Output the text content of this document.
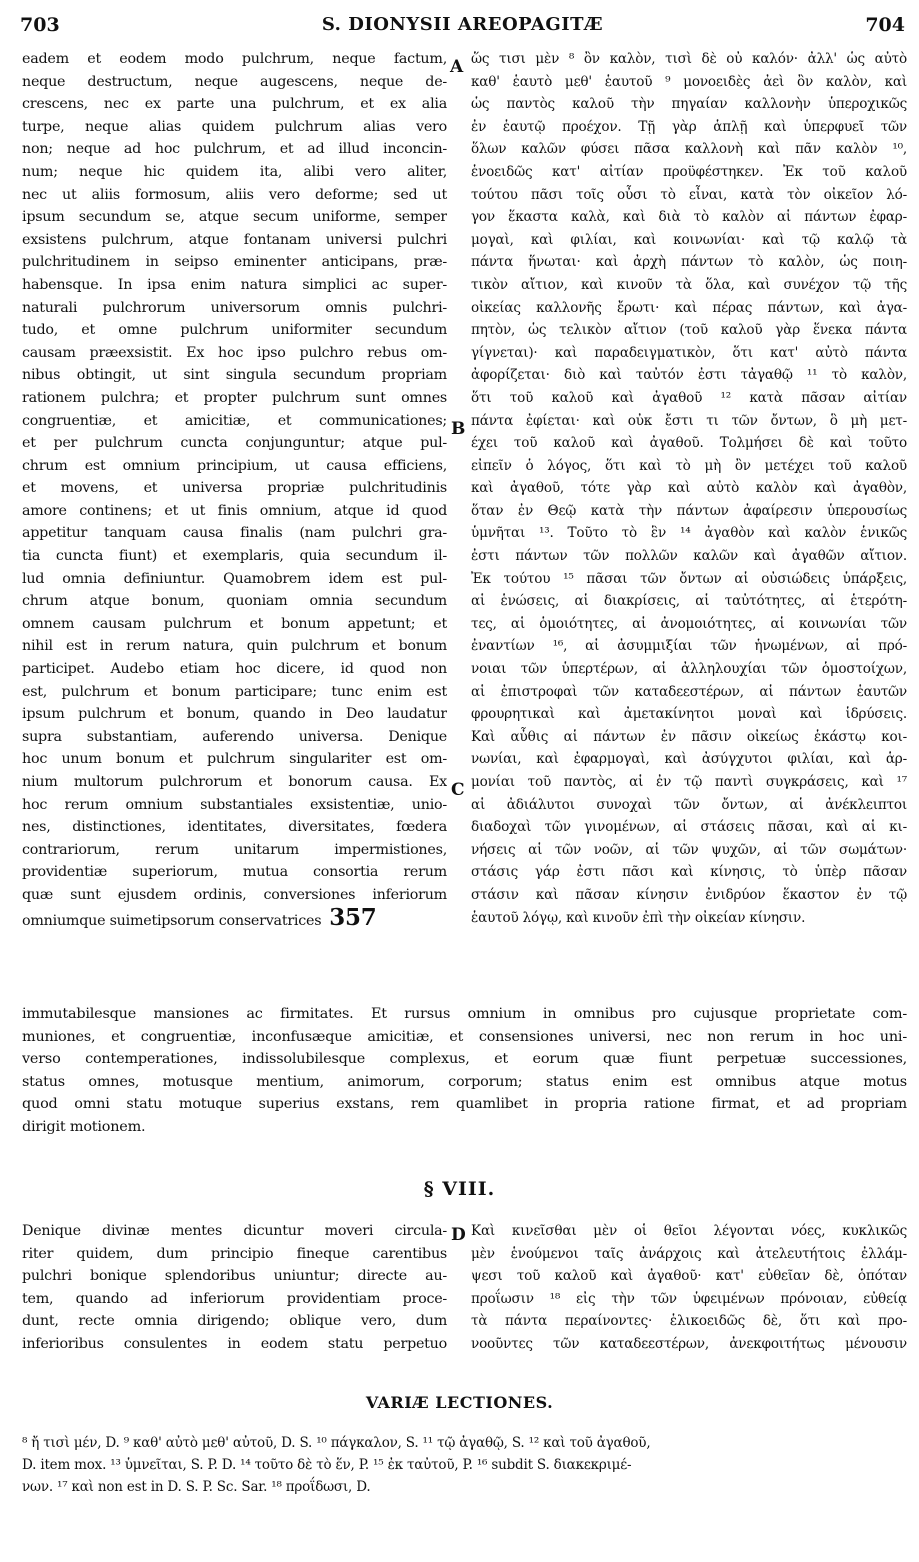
703	S. DIONYSII AREOPAGITÆ	704
eadem et eodem modo pulchrum, neque factum,
neque destructum, neque augescens, neque de-
crescens, nec ex parte una pulchrum, et ex alia
turpe, neque alias quidem pulchrum alias vero
non; neque ad hoc pulchrum, et ad illud inconcin-
num; neque hic quidem ita, alibi vero aliter,
nec ut aliis formosum, aliis vero deforme; sed ut
ipsum secundum se, atque secum uniforme, semper
exsistens pulchrum, atque fontanam universi pulchri
pulchritudinem in seipso eminenter anticipans, præ-
habensque. In ipsa enim natura simplici ac super-
naturali pulchrorum universorum omnis pulchri-
tudo, et omne pulchrum uniformiter secundum
causam præexsistit. Ex hoc ipso pulchro rebus om-
nibus obtingit, ut sint singula secundum propriam
rationem pulchra; et propter pulchrum sunt omnes
congruentiæ, et amicitiæ, et communicationes;
et per pulchrum cuncta conjunguntur; atque pul-
chrum est omnium principium, ut causa efficiens,
et movens, et universa propriæ pulchritudinis
amore continens; et ut finis omnium, atque id quod
appetitur tanquam causa finalis (nam pulchri gra-
tia cuncta fiunt) et exemplaris, quia secundum il-
lud omnia definiuntur. Quamobrem idem est pul-
chrum atque bonum, quoniam omnia secundum
omnem causam pulchrum et bonum appetunt; et
nihil est in rerum natura, quin pulchrum et bonum
participet. Audebo etiam hoc dicere, id quod non
est, pulchrum et bonum participare; tunc enim est
ipsum pulchrum et bonum, quando in Deo laudatur
supra substantiam, auferendo universa. Denique
hoc unum bonum et pulchrum singulariter est om-
nium multorum pulchrorum et bonorum causa. Ex
hoc rerum omnium substantiales exsistentiæ, unio-
nes, distinctiones, identitates, diversitates, fœdera
contrariorum, rerum unitarum impermistiones,
providentiæ superiorum, mutua consortia rerum
quæ sunt ejusdem ordinis, conversiones inferiorum
omniumque suimetipsorum conservatrices 357
ὥς τισι μὲν ⁸ ὂν καλὸν, τισὶ δὲ οὐ καλόν· ἀλλ' ὡς αὐτὸ
καθ' ἑαυτὸ μεθ' ἑαυτοῦ ⁹ μονοειδὲς ἀεὶ ὂν καλὸν, καὶ
ὡς παντὸς καλοῦ τὴν πηγαίαν καλλονὴν ὑπεροχικῶς
ἐν ἑαυτῷ προέχον. Τῇ γὰρ ἁπλῇ καὶ ὑπερφυεῖ τῶν
ὅλων καλῶν φύσει πᾶσα καλλονὴ καὶ πᾶν καλὸν ¹⁰,
ἑνοειδῶς κατ' αἰτίαν προϋφέστηκεν. Ἐκ τοῦ καλοῦ
τούτου πᾶσι τοῖς οὖσι τὸ εἶναι, κατὰ τὸν οἰκεῖον λό-
γον ἕκαστα καλὰ, καὶ διὰ τὸ καλὸν αἱ πάντων ἐφαρ-
μογαὶ, καὶ φιλίαι, καὶ κοινωνίαι· καὶ τῷ καλῷ τὰ
πάντα ἥνωται· καὶ ἀρχὴ πάντων τὸ καλὸν, ὡς ποιη-
τικὸν αἴτιον, καὶ κινοῦν τὰ ὅλα, καὶ συνέχον τῷ τῆς
οἰκείας καλλονῆς ἔρωτι· καὶ πέρας πάντων, καὶ ἀγα-
πητὸν, ὡς τελικὸν αἴτιον (τοῦ καλοῦ γὰρ ἕνεκα πάντα
γίγνεται)· καὶ παραδειγματικὸν, ὅτι κατ' αὐτὸ πάντα
ἀφορίζεται· διὸ καὶ ταὐτόν ἐστι τἀγαθῷ ¹¹ τὸ καλὸν,
ὅτι τοῦ καλοῦ καὶ ἀγαθοῦ ¹² κατὰ πᾶσαν αἰτίαν
πάντα ἐφίεται· καὶ οὐκ ἔστι τι τῶν ὄντων, ὃ μὴ μετ-
έχει τοῦ καλοῦ καὶ ἀγαθοῦ. Τολμήσει δὲ καὶ τοῦτο
εἰπεῖν ὁ λόγος, ὅτι καὶ τὸ μὴ ὂν μετέχει τοῦ καλοῦ
καὶ ἀγαθοῦ, τότε γὰρ καὶ αὐτὸ καλὸν καὶ ἀγαθὸν,
ὅταν ἐν Θεῷ κατὰ τὴν πάντων ἀφαίρεσιν ὑπερουσίως
ὑμνῆται ¹³. Τοῦτο τὸ ἓν ¹⁴ ἀγαθὸν καὶ καλὸν ἑνικῶς
ἐστι πάντων τῶν πολλῶν καλῶν καὶ ἀγαθῶν αἴτιον.
Ἐκ τούτου ¹⁵ πᾶσαι τῶν ὄντων αἱ οὐσιώδεις ὑπάρξεις,
αἱ ἑνώσεις, αἱ διακρίσεις, αἱ ταὐτότητες, αἱ ἑτερότη-
τες, αἱ ὁμοιότητες, αἱ ἀνομοιότητες, αἱ κοινωνίαι τῶν
ἐναντίων ¹⁶, αἱ ἀσυμμιξίαι τῶν ἡνωμένων, αἱ πρό-
νοιαι τῶν ὑπερτέρων, αἱ ἀλληλουχίαι τῶν ὁμοστοίχων,
αἱ ἐπιστροφαὶ τῶν καταδεεστέρων, αἱ πάντων ἑαυτῶν
φρουρητικαὶ καὶ ἀμετακίνητοι μοναὶ καὶ ἱδρύσεις.
Καὶ αὖθις αἱ πάντων ἐν πᾶσιν οἰκείως ἑκάστῳ κοι-
νωνίαι, καὶ ἐφαρμογαὶ, καὶ ἀσύγχυτοι φιλίαι, καὶ ἁρ-
μονίαι τοῦ παντὸς, αἱ ἐν τῷ παντὶ συγκράσεις, καὶ ¹⁷
αἱ ἀδιάλυτοι συνοχαὶ τῶν ὄντων, αἱ ἀνέκλειπτοι
διαδοχαὶ τῶν γινομένων, αἱ στάσεις πᾶσαι, καὶ αἱ κι-
νήσεις αἱ τῶν νοῶν, αἱ τῶν ψυχῶν, αἱ τῶν σωμάτων·
στάσις γάρ ἐστι πᾶσι καὶ κίνησις, τὸ ὑπὲρ πᾶσαν
στάσιν καὶ πᾶσαν κίνησιν ἐνιδρύον ἕκαστον ἐν τῷ
ἑαυτοῦ λόγῳ, καὶ κινοῦν ἐπὶ τὴν οἰκείαν κίνησιν.
A
B
C
D
immutabilesque mansiones ac firmitates. Et rursus omnium in omnibus pro cujusque proprietate com-
muniones, et congruentiæ, inconfusæque amicitiæ, et consensiones universi, nec non rerum in hoc uni-
verso contemperationes, indissolubilesque complexus, et eorum quæ fiunt perpetuæ successiones,
status omnes, motusque mentium, animorum, corporum; status enim est omnibus atque motus
quod omni statu motuque superius exstans, rem quamlibet in propria ratione firmat, et ad propriam
dirigit motionem.
§ VIII.
Denique divinæ mentes dicuntur moveri circula-
riter quidem, dum principio fineque carentibus
pulchri bonique splendoribus uniuntur; directe au-
tem, quando ad inferiorum providentiam proce-
dunt, recte omnia dirigendo; oblique vero, dum
inferioribus consulentes in eodem statu perpetuo
Καὶ κινεῖσθαι μὲν οἱ θεῖοι λέγονται νόες, κυκλικῶς
μὲν ἑνούμενοι ταῖς ἀνάρχοις καὶ ἀτελευτήτοις ἐλλάμ-
ψεσι τοῦ καλοῦ καὶ ἀγαθοῦ· κατ' εὐθεῖαν δὲ, ὁπόταν
προΐωσιν ¹⁸ εἰς τὴν τῶν ὑφειμένων πρόνοιαν, εὐθείᾳ
τὰ πάντα περαίνοντες· ἑλικοειδῶς δὲ, ὅτι καὶ προ-
νοοῦντες τῶν καταδεεστέρων, ἀνεκφοιτήτως μένουσιν
VARIÆ LECTIONES.
⁸ ἤ τισὶ μέν, D. ⁹ καθ' αὐτὸ μεθ' αὐτοῦ, D. S. ¹⁰ πάγκαλον, S. ¹¹ τῷ ἀγαθῷ, S. ¹² καὶ τοῦ ἀγαθοῦ,
D. item mox. ¹³ ὑμνεῖται, S. P. D. ¹⁴ τοῦτο δὲ τὸ ἕν, P. ¹⁵ ἐκ ταὐτοῦ, P. ¹⁶ subdit S. διακεκριμέ-
νων. ¹⁷ καὶ non est in D. S. P. Sc. Sar. ¹⁸ προΐδωσι, D.
